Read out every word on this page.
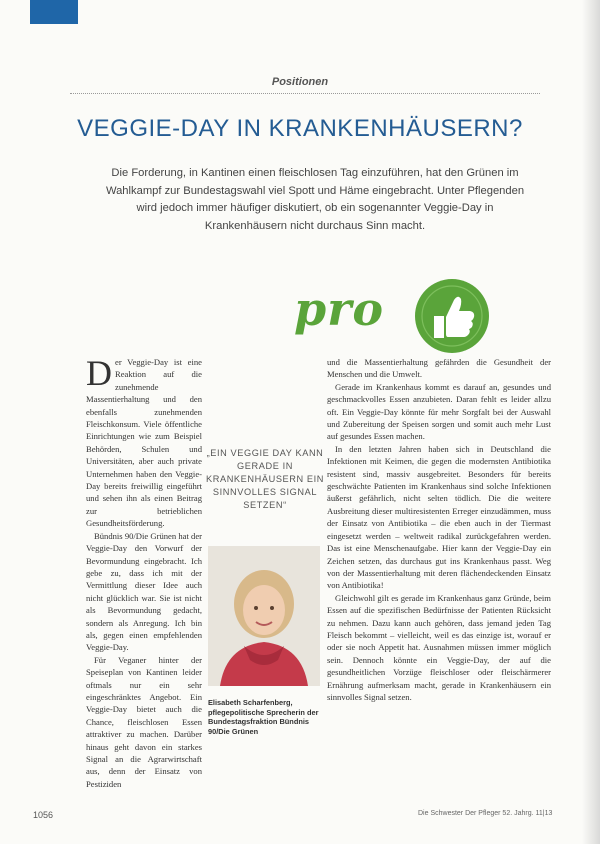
Positionen
VEGGIE-DAY IN KRANKENHÄUSERN?
Die Forderung, in Kantinen einen fleischlosen Tag einzuführen, hat den Grünen im Wahlkampf zur Bundestagswahl viel Spott und Häme eingebracht. Unter Pflegenden wird jedoch immer häufiger diskutiert, ob ein sogenannter Veggie-Day in Krankenhäusern nicht durchaus Sinn macht.
pro

Der Veggie-Day ist eine Reaktion auf die zunehmende Massentierhaltung und den ebenfalls zunehmenden Fleischkonsum. Viele öffentliche Einrichtungen wie zum Beispiel Behörden, Schulen und Universitäten, aber auch private Unternehmen haben den Veggie-Day bereits freiwillig eingeführt und sehen ihn als einen Beitrag zur betrieblichen Gesundheitsförderung.

Bündnis 90/Die Grünen hat der Veggie-Day den Vorwurf der Bevormundung eingebracht. Ich gebe zu, dass ich mit der Vermittlung dieser Idee auch nicht glücklich war. Sie ist nicht als Bevormundung gedacht, sondern als Anregung. Ich bin als, gegen einen empfehlenden Veggie-Day.

Für Veganer hinter der Speiseplan von Kantinen leider oftmals nur ein sehr eingeschränktes Angebot. Ein Veggie-Day bietet auch die Chance, fleischlosen Essen attraktiver zu machen. Darüber hinaus geht davon ein starkes Signal an die Agrarwirtschaft aus, denn der Einsatz von Pestiziden

„EIN VEGGIE DAY KANN GERADE IN KRANKENHÄUSERN EIN SINNVOLLES SIGNAL SETZEN“
Elisabeth Scharfenberg, pflegepolitische Sprecherin der Bundestagsfraktion Bündnis 90/Die Grünen

und die Massentierhaltung gefährden die Gesundheit der Menschen und die Umwelt.

Gerade im Krankenhaus kommt es darauf an, gesundes und geschmackvolles Essen anzubieten. Daran fehlt es leider allzu oft. Ein Veggie-Day könnte für mehr Sorgfalt bei der Auswahl und Zubereitung der Speisen sorgen und somit auch mehr Lust auf gesundes Essen machen.

In den letzten Jahren haben sich in Deutschland die Infektionen mit Keimen, die gegen die modernsten Antibiotika resistent sind, massiv ausgebreitet. Besonders für bereits geschwächte Patienten im Krankenhaus sind solche Infektionen äußerst gefährlich, nicht selten tödlich. Die die weitere Ausbreitung dieser multiresistenten Erreger einzudämmen, muss der Einsatz von Antibiotika – die eben auch in der Tiermast eingesetzt werden – weltweit radikal zurückgefahren werden. Das ist eine Menschenaufgabe. Hier kann der Veggie-Day ein Zeichen setzen, das durchaus gut ins Krankenhaus passt. Weg von der Massentierhaltung mit deren flächendeckenden Einsatz von Antibiotika!

Gleichwohl gilt es gerade im Krankenhaus ganz Gründe, beim Essen auf die spezifischen Bedürfnisse der Patienten Rücksicht zu nehmen. Dazu kann auch gehören, dass jemand jeden Tag Fleisch bekommt – vielleicht, weil es das einzige ist, worauf er oder sie noch Appetit hat. Ausnahmen müssen immer möglich sein. Dennoch könnte ein Veggie-Day, der auf die gesundheitlichen Vorzüge fleischloser oder fleischärmerer Ernährung aufmerksam macht, gerade in Krankenhäusern ein sinnvolles Signal setzen.

1056	Die Schwester Der Pfleger 52. Jahrg. 11|13
